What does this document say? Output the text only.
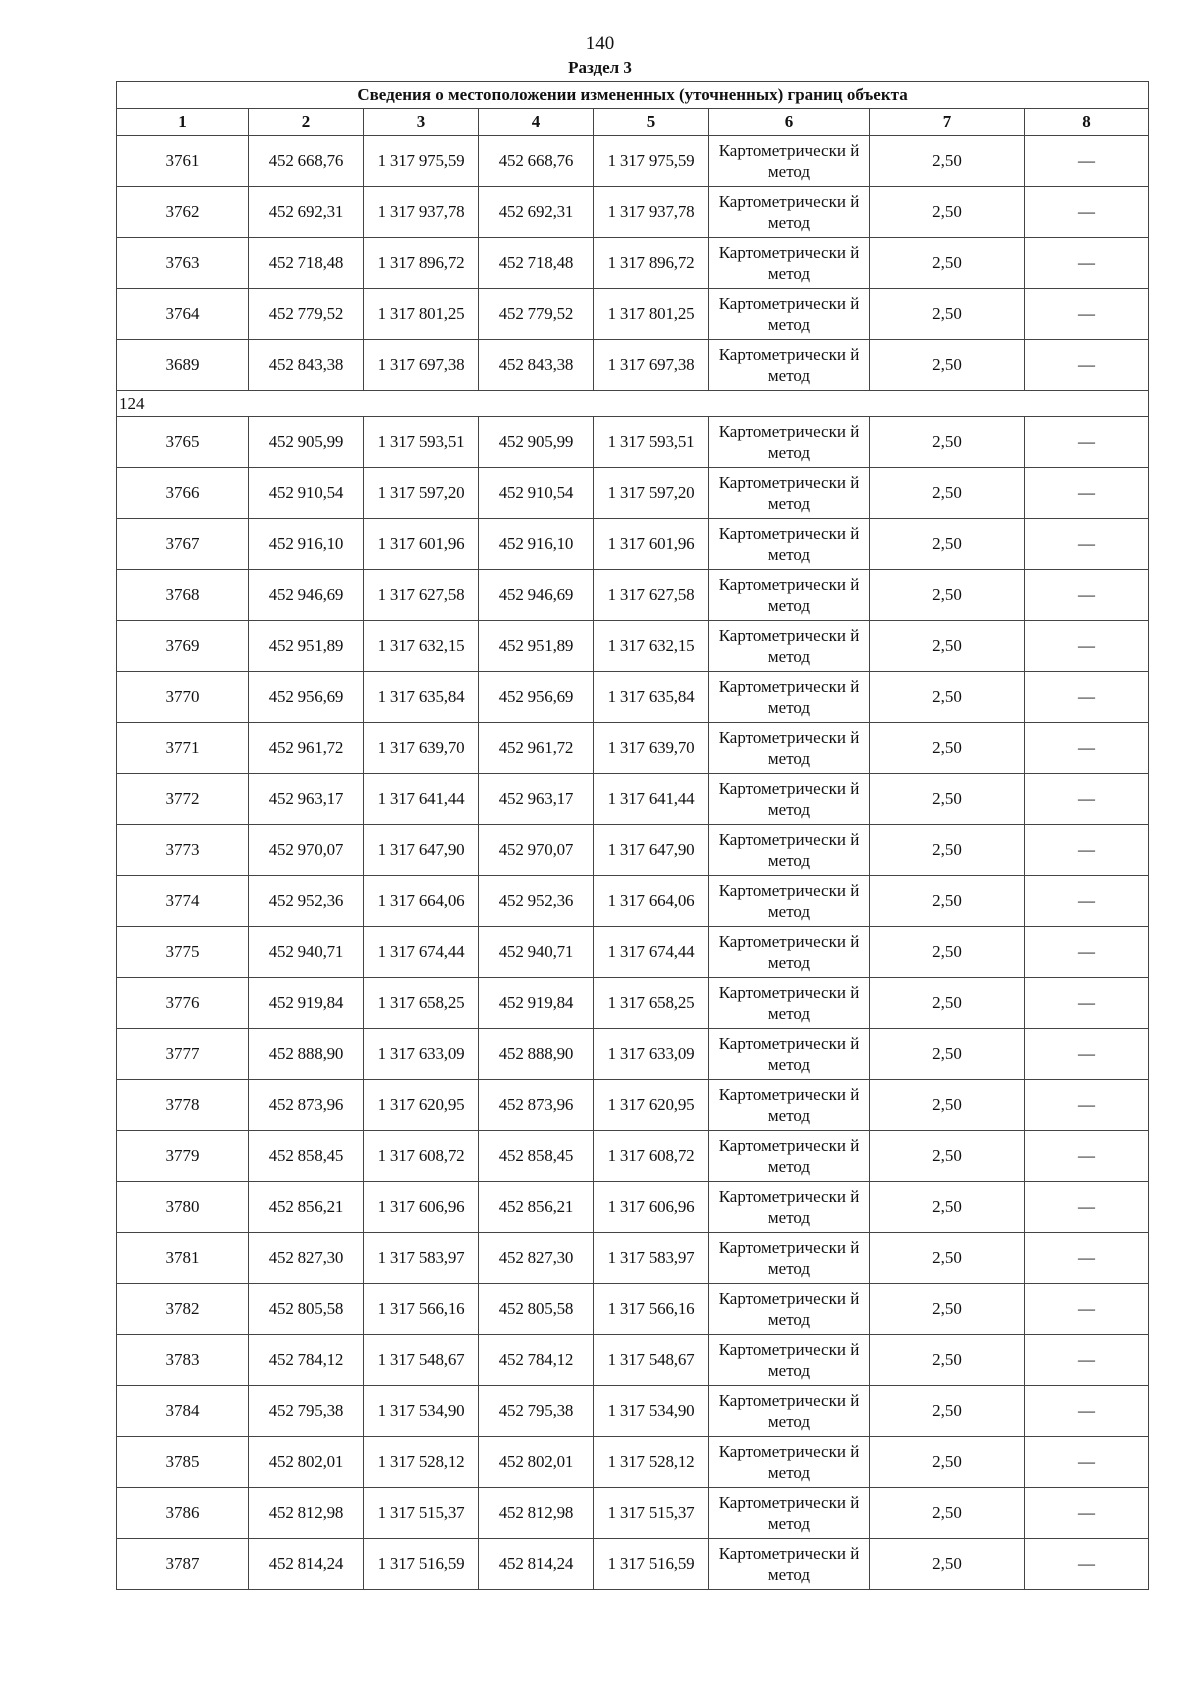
140
Раздел 3
Сведения о местоположении измененных (уточненных) границ объекта							
1	2	3	4	5	6	7	8
3761	452 668,76	1 317 975,59	452 668,76	1 317 975,59	Картометрически й метод	2,50	—
3762	452 692,31	1 317 937,78	452 692,31	1 317 937,78	Картометрически й метод	2,50	—
3763	452 718,48	1 317 896,72	452 718,48	1 317 896,72	Картометрически й метод	2,50	—
3764	452 779,52	1 317 801,25	452 779,52	1 317 801,25	Картометрически й метод	2,50	—
3689	452 843,38	1 317 697,38	452 843,38	1 317 697,38	Картометрически й метод	2,50	—
124							
3765	452 905,99	1 317 593,51	452 905,99	1 317 593,51	Картометрически й метод	2,50	—
3766	452 910,54	1 317 597,20	452 910,54	1 317 597,20	Картометрически й метод	2,50	—
3767	452 916,10	1 317 601,96	452 916,10	1 317 601,96	Картометрически й метод	2,50	—
3768	452 946,69	1 317 627,58	452 946,69	1 317 627,58	Картометрически й метод	2,50	—
3769	452 951,89	1 317 632,15	452 951,89	1 317 632,15	Картометрически й метод	2,50	—
3770	452 956,69	1 317 635,84	452 956,69	1 317 635,84	Картометрически й метод	2,50	—
3771	452 961,72	1 317 639,70	452 961,72	1 317 639,70	Картометрически й метод	2,50	—
3772	452 963,17	1 317 641,44	452 963,17	1 317 641,44	Картометрически й метод	2,50	—
3773	452 970,07	1 317 647,90	452 970,07	1 317 647,90	Картометрически й метод	2,50	—
3774	452 952,36	1 317 664,06	452 952,36	1 317 664,06	Картометрически й метод	2,50	—
3775	452 940,71	1 317 674,44	452 940,71	1 317 674,44	Картометрически й метод	2,50	—
3776	452 919,84	1 317 658,25	452 919,84	1 317 658,25	Картометрически й метод	2,50	—
3777	452 888,90	1 317 633,09	452 888,90	1 317 633,09	Картометрически й метод	2,50	—
3778	452 873,96	1 317 620,95	452 873,96	1 317 620,95	Картометрически й метод	2,50	—
3779	452 858,45	1 317 608,72	452 858,45	1 317 608,72	Картометрически й метод	2,50	—
3780	452 856,21	1 317 606,96	452 856,21	1 317 606,96	Картометрически й метод	2,50	—
3781	452 827,30	1 317 583,97	452 827,30	1 317 583,97	Картометрически й метод	2,50	—
3782	452 805,58	1 317 566,16	452 805,58	1 317 566,16	Картометрически й метод	2,50	—
3783	452 784,12	1 317 548,67	452 784,12	1 317 548,67	Картометрически й метод	2,50	—
3784	452 795,38	1 317 534,90	452 795,38	1 317 534,90	Картометрически й метод	2,50	—
3785	452 802,01	1 317 528,12	452 802,01	1 317 528,12	Картометрически й метод	2,50	—
3786	452 812,98	1 317 515,37	452 812,98	1 317 515,37	Картометрически й метод	2,50	—
3787	452 814,24	1 317 516,59	452 814,24	1 317 516,59	Картометрически й метод	2,50	—
